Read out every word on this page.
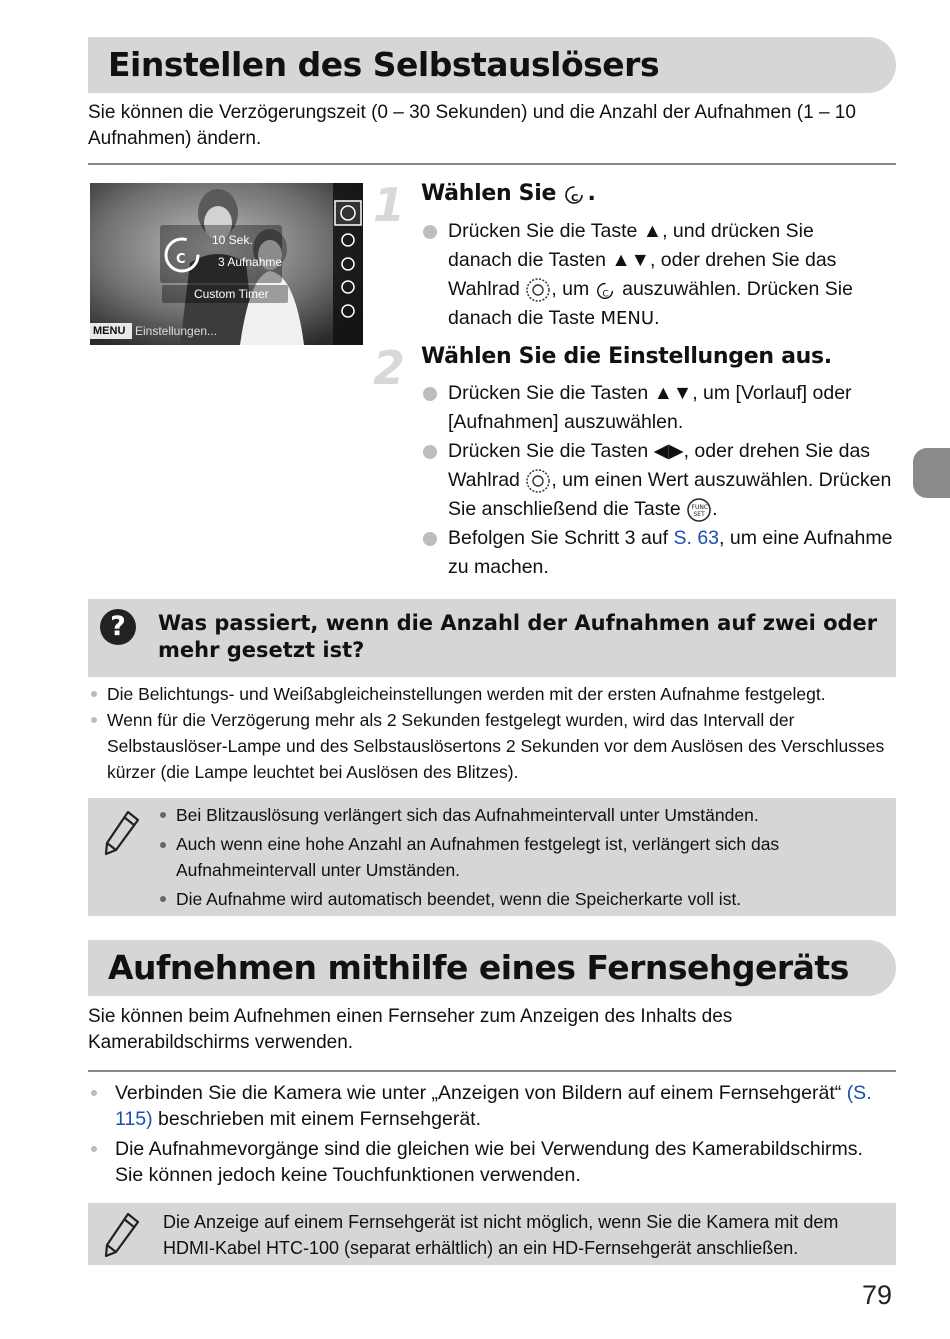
Einstellen des Selbstauslösers
Sie können die Verzögerungszeit (0 – 30 Sekunden) und die Anzahl der Aufnahmen (1 – 10 Aufnahmen) ändern.
C
10 Sek.
3 Aufnahme
Custom Timer
MENU Einstellungen...
1 Wählen Sie C .
Drücken Sie die Taste ▲, und drücken Sie danach die Tasten ▲▼, oder drehen Sie das Wahlrad , um C auszuwählen. Drücken Sie danach die Taste MENU.
2 Wählen Sie die Einstellungen aus.
Drücken Sie die Tasten ▲▼, um [Vorlauf] oder [Aufnahmen] auszuwählen.
Drücken Sie die Tasten ◀▶, oder drehen Sie das Wahlrad , um einen Wert auszuwählen. Drücken Sie anschließend die Taste FUNC
SET .
Befolgen Sie Schritt 3 auf S. 63, um eine Aufnahme zu machen.
?	Was passiert, wenn die Anzahl der Aufnahmen auf zwei oder mehr gesetzt ist?
Die Belichtungs- und Weißabgleicheinstellungen werden mit der ersten Aufnahme festgelegt.
Wenn für die Verzögerung mehr als 2 Sekunden festgelegt wurden, wird das Intervall der Selbstauslöser-Lampe und des Selbstauslösertons 2 Sekunden vor dem Auslösen des Verschlusses kürzer (die Lampe leuchtet bei Auslösen des Blitzes).
Bei Blitzauslösung verlängert sich das Aufnahmeintervall unter Umständen.
Auch wenn eine hohe Anzahl an Aufnahmen festgelegt ist, verlängert sich das Aufnahmeintervall unter Umständen.
Die Aufnahme wird automatisch beendet, wenn die Speicherkarte voll ist.
Aufnehmen mithilfe eines Fernsehgeräts
Sie können beim Aufnehmen einen Fernseher zum Anzeigen des Inhalts des Kamerabildschirms verwenden.
Verbinden Sie die Kamera wie unter „Anzeigen von Bildern auf einem Fernsehgerät“ (S. 115) beschrieben mit einem Fernsehgerät.
Die Aufnahmevorgänge sind die gleichen wie bei Verwendung des Kamerabildschirms. Sie können jedoch keine Touchfunktionen verwenden.
Die Anzeige auf einem Fernsehgerät ist nicht möglich, wenn Sie die Kamera mit dem HDMI-Kabel HTC-100 (separat erhältlich) an ein HD-Fernsehgerät anschließen.
79
